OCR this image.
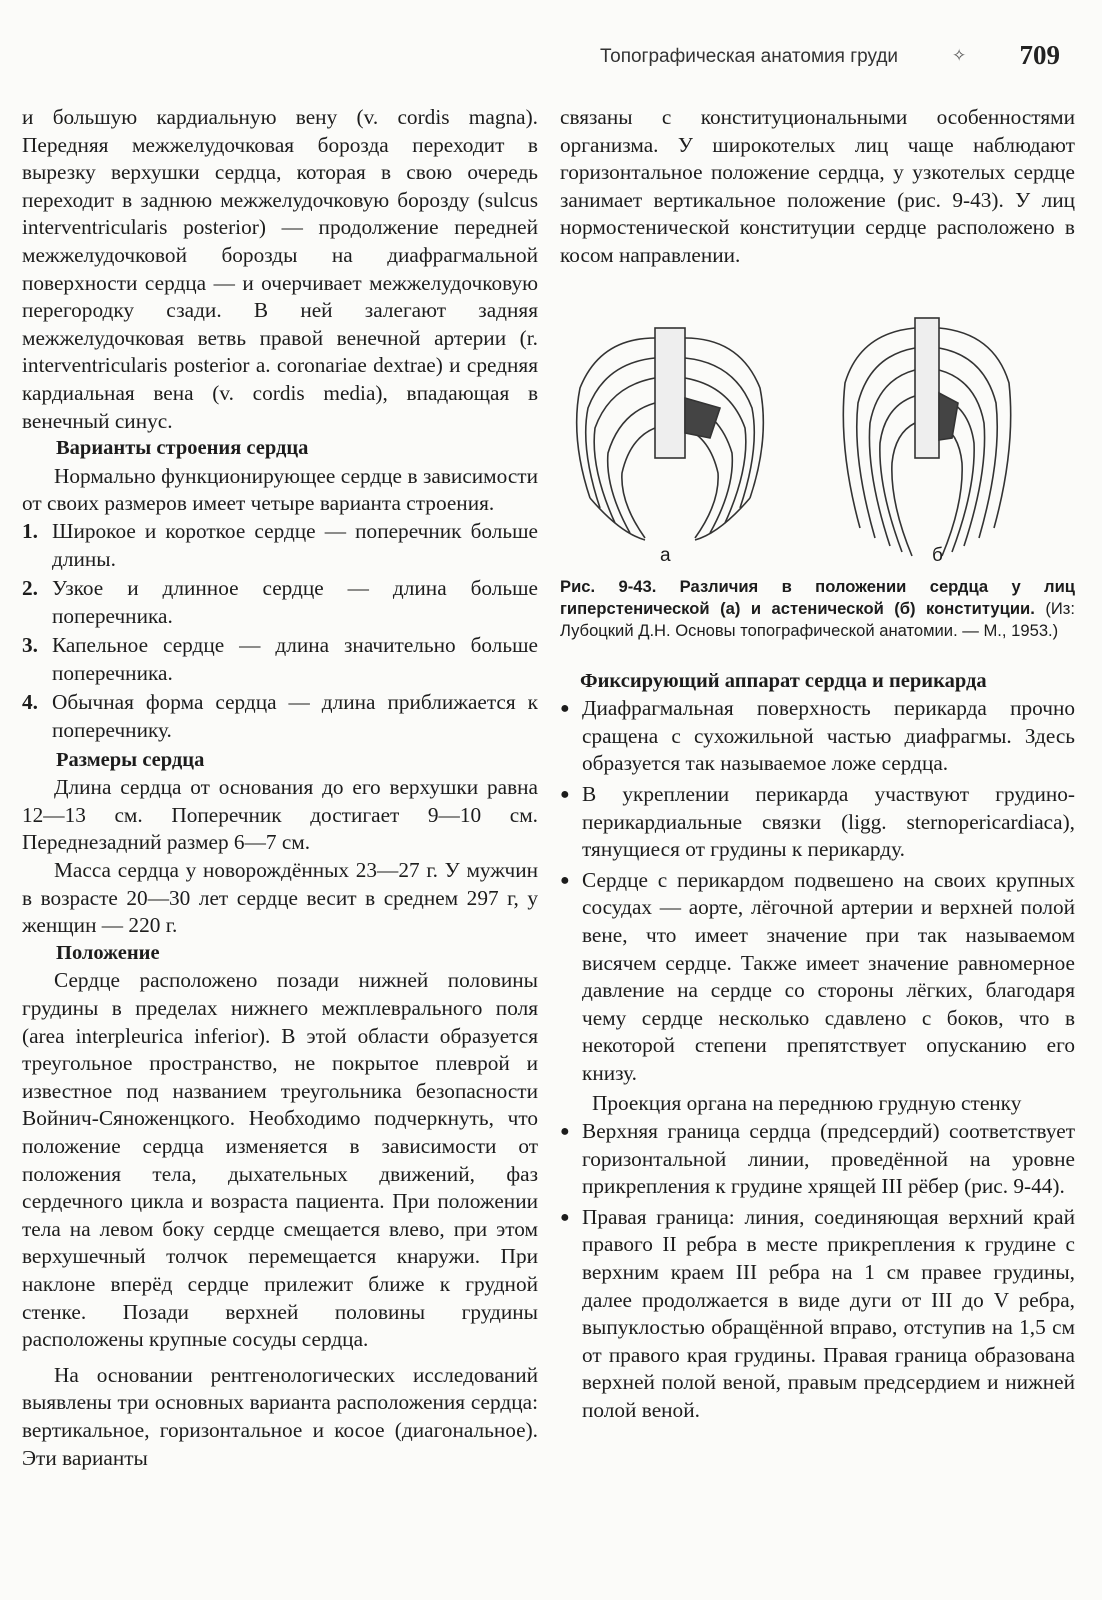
Топографическая анатомия груди	✧ 709

и большую кардиальную вену (v. cordis magna). Передняя межжелудочковая борозда переходит в вырезку верхушки сердца, которая в свою очередь переходит в заднюю межжелудочковую борозду (sulcus interventricularis posterior) — продолжение передней межжелудочковой борозды на диафрагмальной поверхности сердца — и очерчивает межжелудочковую перегородку сзади. В ней залегают задняя межжелудочковая ветвь правой венечной артерии (r. interventricularis posterior a. coronariae dextrae) и средняя кардиальная вена (v. cordis media), впадающая в венечный синус.

Варианты строения сердца

Нормально функционирующее сердце в зависимости от своих размеров имеет четыре варианта строения.

1. Широкое и короткое сердце — поперечник больше длины.
2. Узкое и длинное сердце — длина больше поперечника.
3. Капельное сердце — длина значительно больше поперечника.
4. Обычная форма сердца — длина приближается к поперечнику.

Размеры сердца

Длина сердца от основания до его верхушки равна 12—13 см. Поперечник достигает 9—10 см. Переднезадний размер 6—7 см.

Масса сердца у новорождённых 23—27 г. У мужчин в возрасте 20—30 лет сердце весит в среднем 297 г, у женщин — 220 г.

Положение

Сердце расположено позади нижней половины грудины в пределах нижнего межплеврального поля (area interpleurica inferior). В этой области образуется треугольное пространство, не покрытое плеврой и известное под названием треугольника безопасности Войнич-Сяноженцкого. Необходимо подчеркнуть, что положение сердца изменяется в зависимости от положения тела, дыхательных движений, фаз сердечного цикла и возраста пациента. При положении тела на левом боку сердце смещается влево, при этом верхушечный толчок перемещается кнаружи. При наклоне вперёд сердце прилежит ближе к грудной стенке. Позади верхней половины грудины расположены крупные сосуды сердца.

На основании рентгенологических исследований выявлены три основных варианта расположения сердца: вертикальное, горизонтальное и косое (диагональное). Эти варианты

связаны с конституциональными особенностями организма. У широкотелых лиц чаще наблюдают горизонтальное положение сердца, у узкотелых сердце занимает вертикальное положение (рис. 9-43). У лиц нормостенической конституции сердце расположено в косом направлении.

а	б

Рис. 9-43. Различия в положении сердца у лиц гиперстенической (а) и астенической (б) конституции. (Из: Лубоцкий Д.Н. Основы топографической анатомии. — М., 1953.)

Фиксирующий аппарат сердца и перикарда

● Диафрагмальная поверхность перикарда прочно сращена с сухожильной частью диафрагмы. Здесь образуется так называемое ложе сердца.
● В укреплении перикарда участвуют грудино-перикардиальные связки (ligg. sternopericardiaca), тянущиеся от грудины к перикарду.
● Сердце с перикардом подвешено на своих крупных сосудах — аорте, лёгочной артерии и верхней полой вене, что имеет значение при так называемом висячем сердце. Также имеет значение равномерное давление на сердце со стороны лёгких, благодаря чему сердце несколько сдавлено с боков, что в некоторой степени препятствует опусканию его книзу.

Проекция органа на переднюю грудную стенку

● Верхняя граница сердца (предсердий) соответствует горизонтальной линии, проведённой на уровне прикрепления к грудине хрящей III рёбер (рис. 9-44).
● Правая граница: линия, соединяющая верхний край правого II ребра в месте прикрепления к грудине с верхним краем III ребра на 1 см правее грудины, далее продолжается в виде дуги от III до V ребра, выпуклостью обращённой вправо, отступив на 1,5 см от правого края грудины. Правая граница образована верхней полой веной, правым предсердием и нижней полой веной.
